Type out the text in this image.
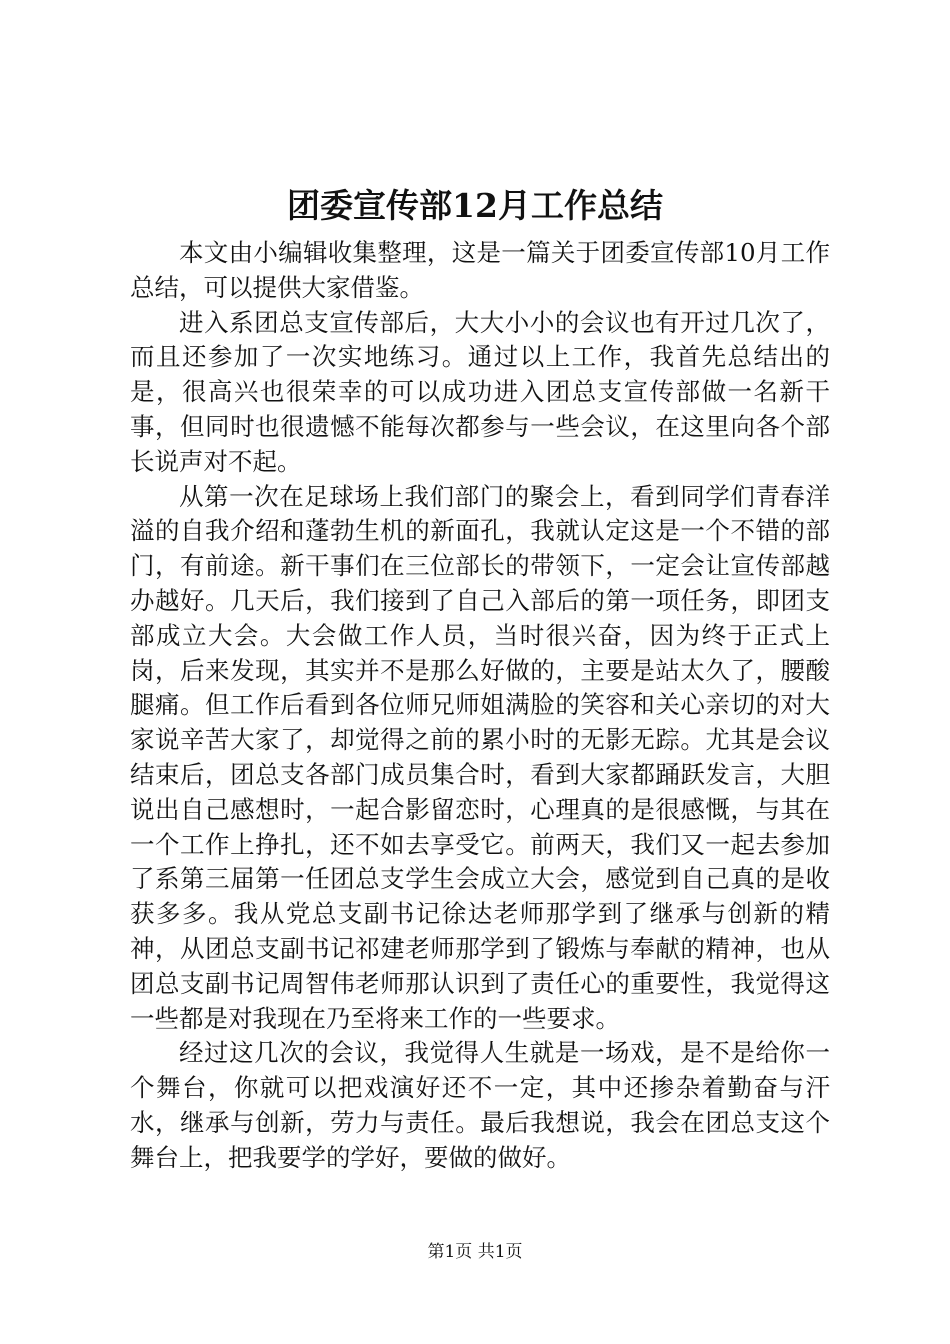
团委宣传部12月工作总结

本文由小编辑收集整理，这是一篇关于团委宣传部10月工作总结，可以提供大家借鉴。

进入系团总支宣传部后，大大小小的会议也有开过几次了，而且还参加了一次实地练习。通过以上工作，我首先总结出的是，很高兴也很荣幸的可以成功进入团总支宣传部做一名新干事，但同时也很遗憾不能每次都参与一些会议，在这里向各个部长说声对不起。

从第一次在足球场上我们部门的聚会上，看到同学们青春洋溢的自我介绍和蓬勃生机的新面孔，我就认定这是一个不错的部门，有前途。新干事们在三位部长的带领下，一定会让宣传部越办越好。几天后，我们接到了自己入部后的第一项任务，即团支部成立大会。大会做工作人员，当时很兴奋，因为终于正式上岗，后来发现，其实并不是那么好做的，主要是站太久了，腰酸腿痛。但工作后看到各位师兄师姐满脸的笑容和关心亲切的对大家说辛苦大家了，却觉得之前的累小时的无影无踪。尤其是会议结束后，团总支各部门成员集合时，看到大家都踊跃发言，大胆说出自己感想时，一起合影留恋时，心理真的是很感慨，与其在一个工作上挣扎，还不如去享受它。前两天，我们又一起去参加了系第三届第一任团总支学生会成立大会，感觉到自己真的是收获多多。我从党总支副书记徐达老师那学到了继承与创新的精神，从团总支副书记祁建老师那学到了锻炼与奉献的精神，也从团总支副书记周智伟老师那认识到了责任心的重要性，我觉得这一些都是对我现在乃至将来工作的一些要求。

经过这几次的会议，我觉得人生就是一场戏，是不是给你一个舞台，你就可以把戏演好还不一定，其中还掺杂着勤奋与汗水，继承与创新，劳力与责任。最后我想说，我会在团总支这个舞台上，把我要学的学好，要做的做好。

第1页 共1页
